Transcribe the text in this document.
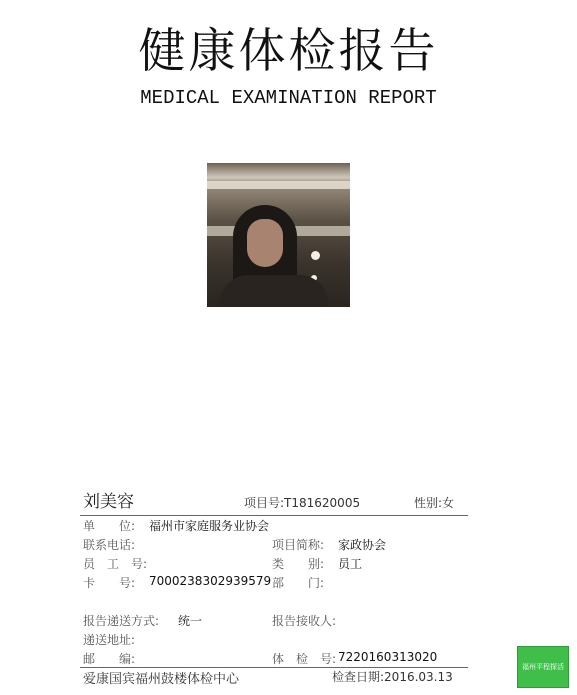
健康体检报告
MEDICAL EXAMINATION REPORT
刘美容	项目号:T181620005	性别:女
单　　位: 福州市家庭服务业协会
联系电话:	项目简称: 家政协会
员　工　号:	类　　别: 员工
卡　　号: 7000238302939579 部　　门:
报告递送方式: 统一	报告接收人:
递送地址:
邮　　编:	体　检　号: 7220160313020
爱康国宾福州鼓楼体检中心	检查日期:2016.03.13
福州平程探活
